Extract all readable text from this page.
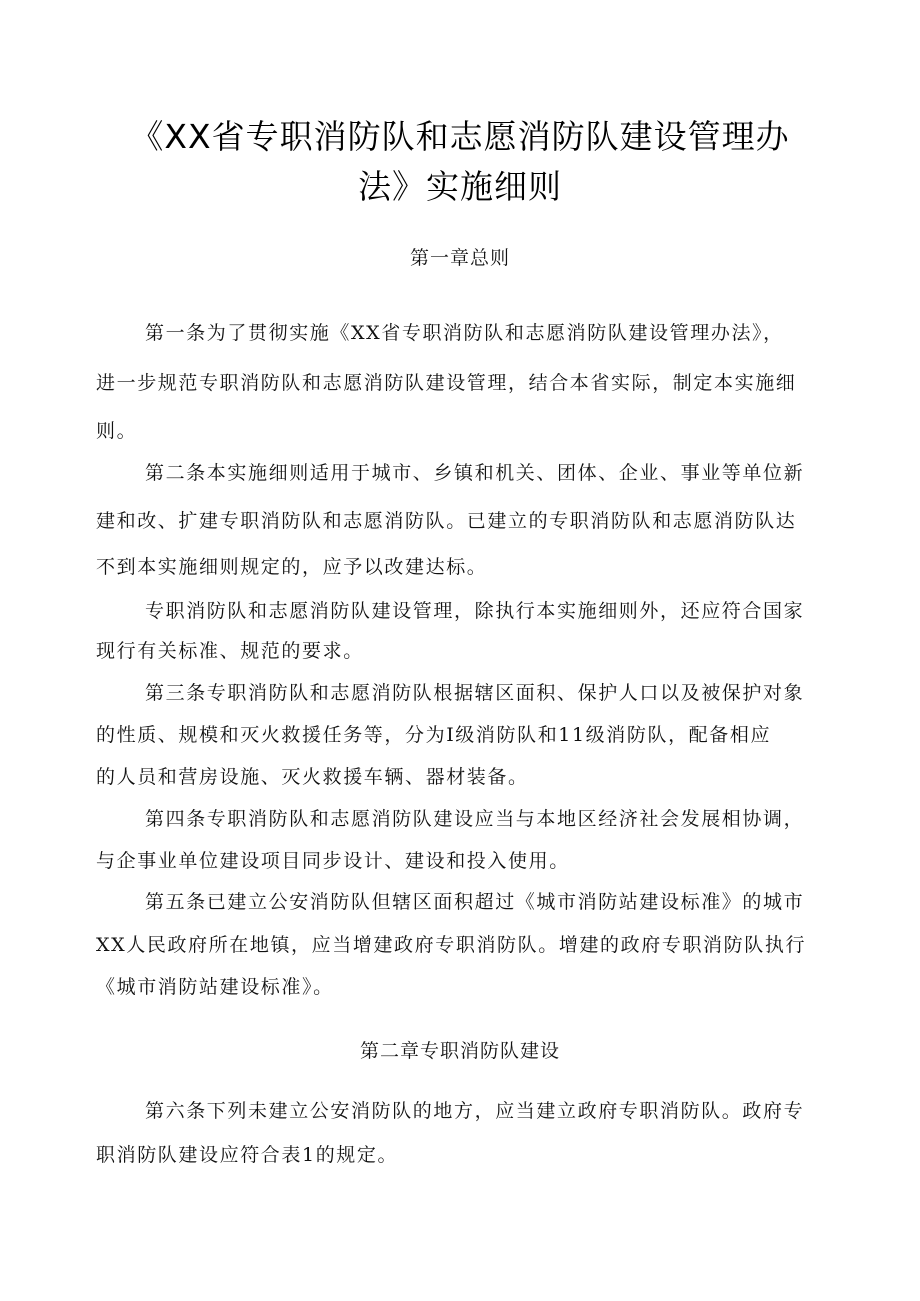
《XX省专职消防队和志愿消防队建设管理办
法》实施细则
第一章总则
第一条为了贯彻实施《XX省专职消防队和志愿消防队建设管理办法》，
进一步规范专职消防队和志愿消防队建设管理，结合本省实际，制定本实施细
则。
第二条本实施细则适用于城市、乡镇和机关、团体、企业、事业等单位新
建和改、扩建专职消防队和志愿消防队。已建立的专职消防队和志愿消防队达
不到本实施细则规定的，应予以改建达标。
专职消防队和志愿消防队建设管理，除执行本实施细则外，还应符合国家
现行有关标准、规范的要求。
第三条专职消防队和志愿消防队根据辖区面积、保护人口以及被保护对象
的性质、规模和灭火救援任务等，分为Ⅰ级消防队和11级消防队，配备相应
的人员和营房设施、灭火救援车辆、器材装备。
第四条专职消防队和志愿消防队建设应当与本地区经济社会发展相协调，
与企事业单位建设项目同步设计、建设和投入使用。
第五条已建立公安消防队但辖区面积超过《城市消防站建设标准》的城市
XX人民政府所在地镇，应当增建政府专职消防队。增建的政府专职消防队执行
《城市消防站建设标准》。
第二章专职消防队建设
第六条下列未建立公安消防队的地方，应当建立政府专职消防队。政府专
职消防队建设应符合表1的规定。
